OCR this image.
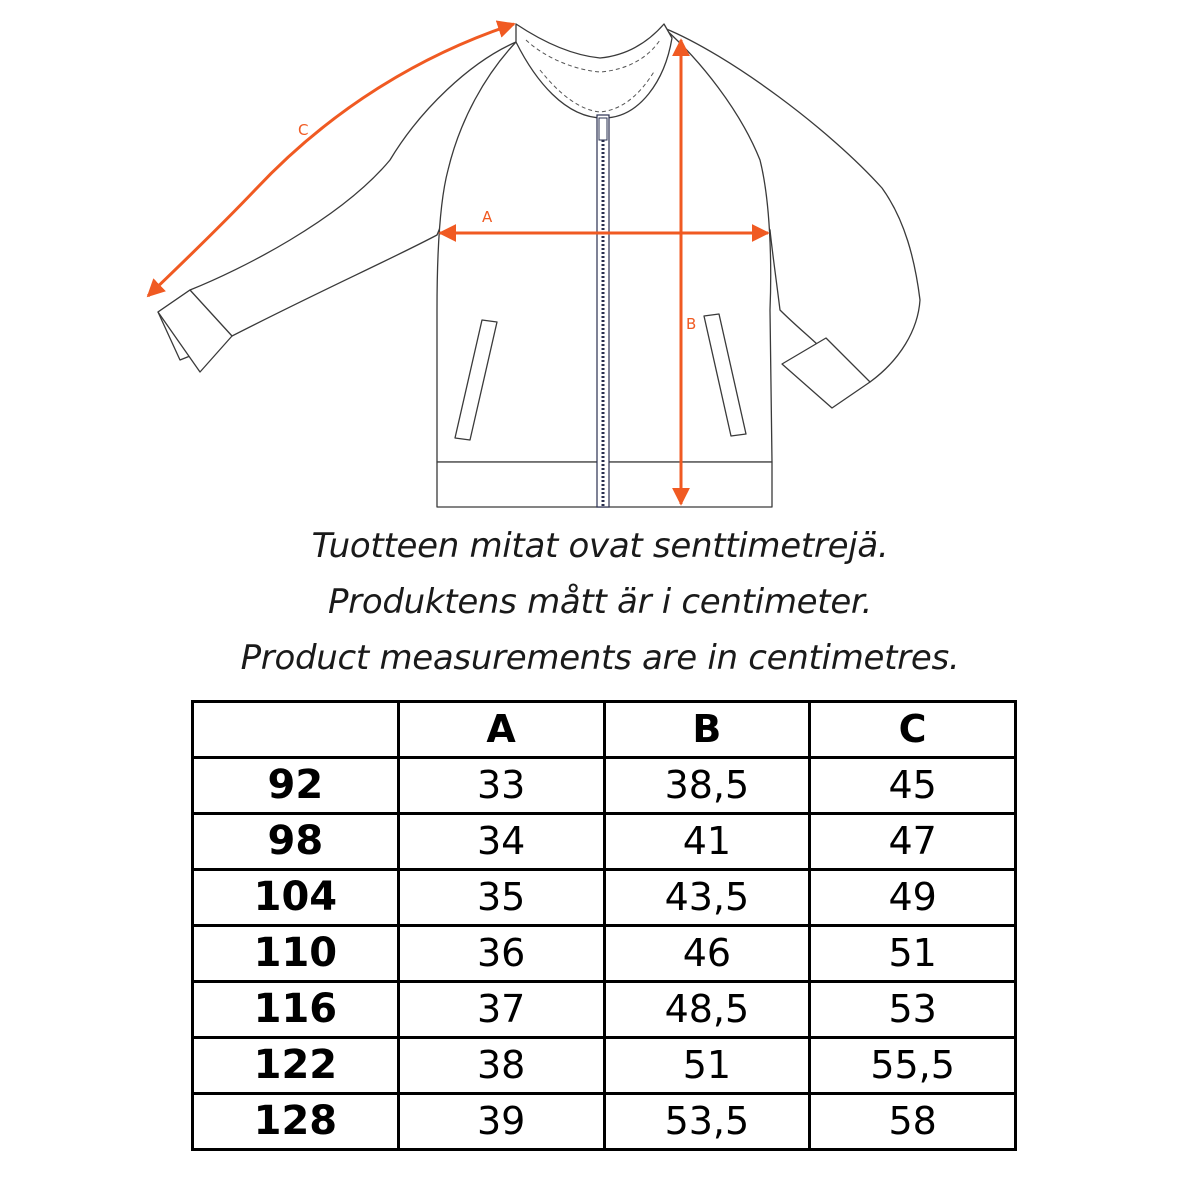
A
B
C
Tuotteen mitat ovat senttimetrejä.
Produktens mått är i centimeter.
Product measurements are in centimetres.
	A	B	C
92	33	38,5	45
98	34	41	47
104	35	43,5	49
110	36	46	51
116	37	48,5	53
122	38	51	55,5
128	39	53,5	58
